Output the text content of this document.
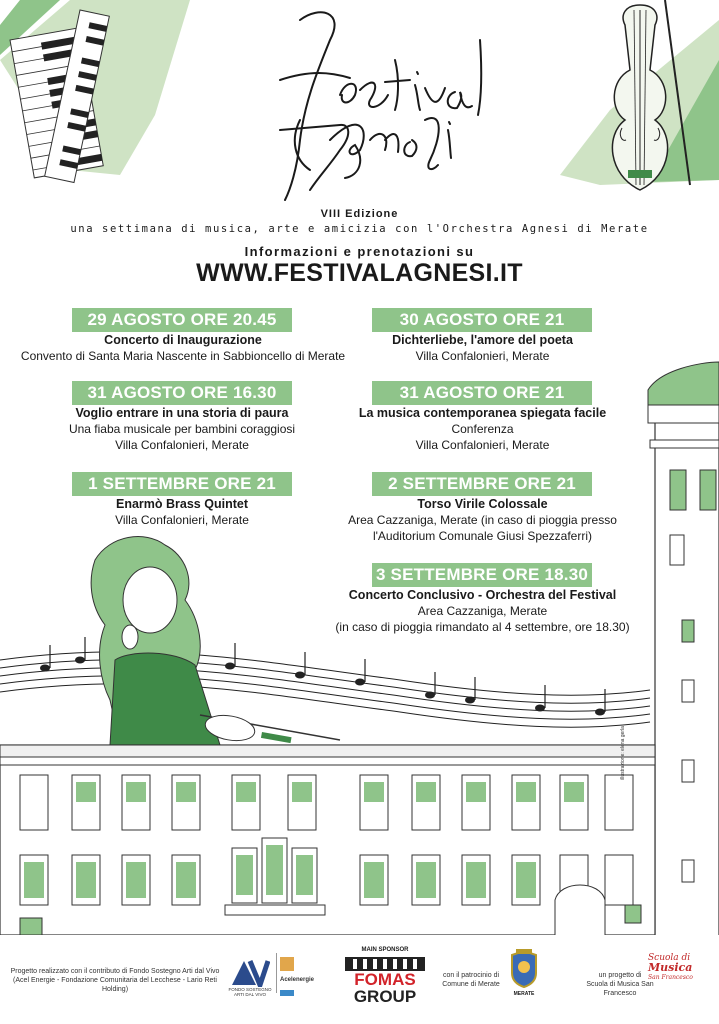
illustrazione: elena gerla
VIII Edizione
una settimana di musica, arte e amicizia con l'Orchestra Agnesi di Merate
Informazioni e prenotazioni su
WWW.FESTIVALAGNESI.IT
29 AGOSTO ORE 20.45
Concerto di Inaugurazione
Convento di Santa Maria Nascente in Sabbioncello di Merate
30 AGOSTO ORE 21
Dichterliebe, l'amore del poeta
Villa Confalonieri, Merate
31 AGOSTO ORE 16.30
Voglio entrare in una storia di paura
Una fiaba musicale per bambini coraggiosi
Villa Confalonieri, Merate
31 AGOSTO ORE 21
La musica contemporanea spiegata facile
Conferenza
Villa Confalonieri, Merate
1 SETTEMBRE ORE 21
Enarmò Brass Quintet
Villa Confalonieri, Merate
2 SETTEMBRE ORE 21
Torso Virile Colossale
Area Cazzaniga, Merate (in caso di pioggia presso
l'Auditorium Comunale Giusi Spezzaferri)
3 SETTEMBRE ORE 18.30
Concerto Conclusivo - Orchestra del Festival
Area Cazzaniga, Merate
(in caso di pioggia rimandato al 4 settembre, ore 18.30)
Progetto realizzato con il contributo di Fondo Sostegno Arti dal Vivo
(Acel Energie - Fondazione Comunitaria del Lecchese - Lario Reti Holding)	FONDO SOSTEGNO ARTI DAL VIVO
Acelenergie
MAIN SPONSOR
FOMAS
GROUP
con il patrocinio di
Comune di Merate
MERATE
un progetto di
Scuola di Musica San Francesco
Scuola di
Musica
San Francesco
